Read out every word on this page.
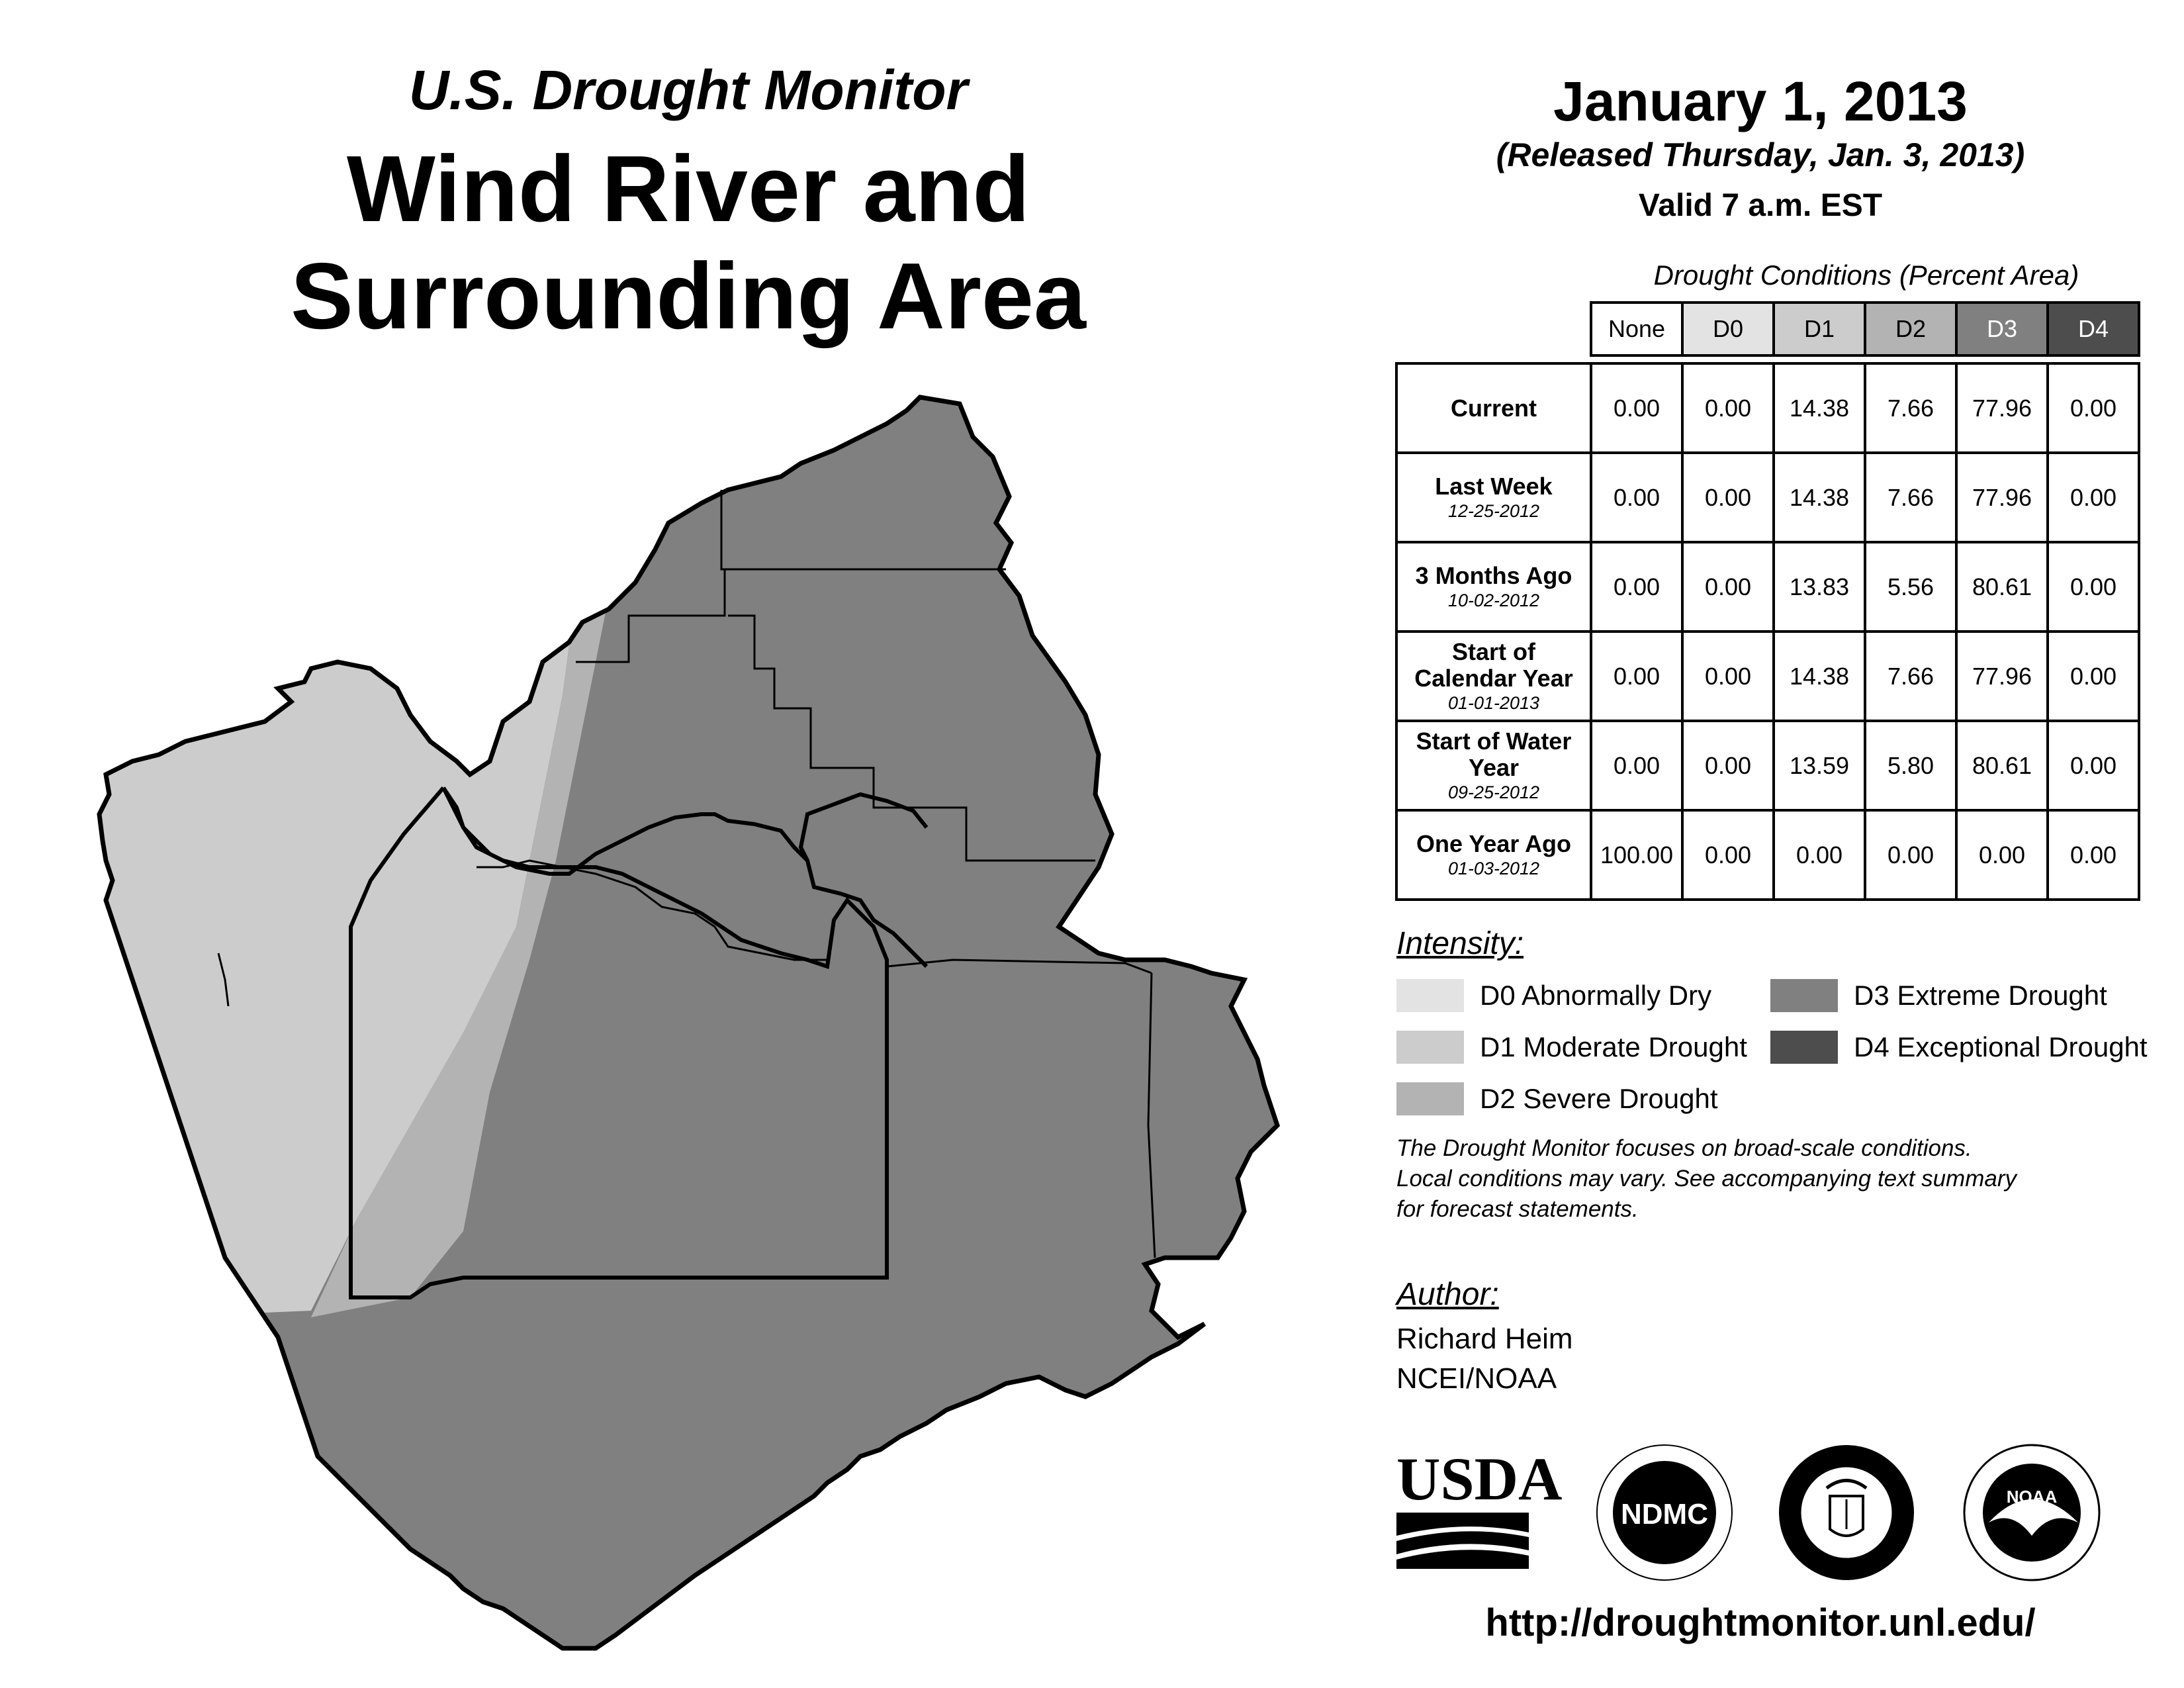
U.S. Drought Monitor
Wind River and
Surrounding Area
January 1, 2013
(Released Thursday, Jan. 3, 2013)
Valid 7 a.m. EST
Drought Conditions (Percent Area)
	None	D0	D1	D2	D3	D4

Current	0.00	0.00	14.38	7.66	77.96	0.00
Last Week
12-25-2012	0.00	0.00	14.38	7.66	77.96	0.00
3 Months Ago
10-02-2012	0.00	0.00	13.83	5.56	80.61	0.00
Start of Calendar Year
01-01-2013	0.00	0.00	14.38	7.66	77.96	0.00
Start of Water Year
09-25-2012	0.00	0.00	13.59	5.80	80.61	0.00
One Year Ago
01-03-2012	100.00	0.00	0.00	0.00	0.00	0.00
Intensity:
D0 Abnormally Dry
D1 Moderate Drought
D2 Severe Drought
D3 Extreme Drought
D4 Exceptional Drought
The Drought Monitor focuses on broad-scale conditions.
Local conditions may vary. See accompanying text summary
for forecast statements.
Author:
Richard Heim
NCEI/NOAA
USDA
NDMC
NOAA
http://droughtmonitor.unl.edu/
